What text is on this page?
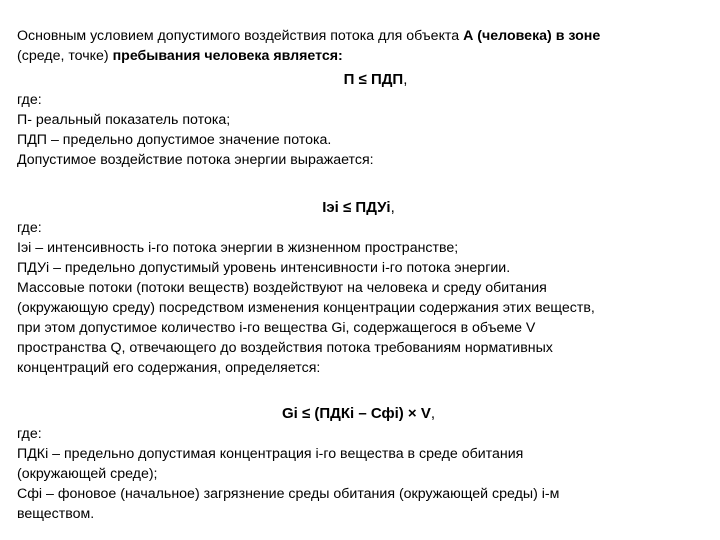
Основным условием допустимого воздействия потока для объекта А (человека) в зоне
(среде, точке) пребывания человека является:
П ≤ ПДП,
где:
П- реальный показатель потока;
ПДП – предельно допустимое значение потока.
Допустимое воздействие потока энергии выражается:
Iэi ≤ ПДУi,
где:
Iэi – интенсивность i-го потока энергии в жизненном пространстве;
ПДУi – предельно допустимый уровень интенсивности i-го потока энергии.
Массовые потоки (потоки веществ) воздействуют на человека и среду обитания
(окружающую среду) посредством изменения концентрации содержания этих веществ,
при этом допустимое количество i-го вещества Gi, содержащегося в объеме V
пространства Q, отвечающего до воздействия потока требованиям нормативных
концентраций его содержания, определяется:
Gi ≤ (ПДКi – Сфi) × V,
где:
ПДКi – предельно допустимая концентрация i-го вещества в среде обитания
(окружающей среде);
Сфi – фоновое (начальное) загрязнение среды обитания (окружающей среды) i-м
веществом.
